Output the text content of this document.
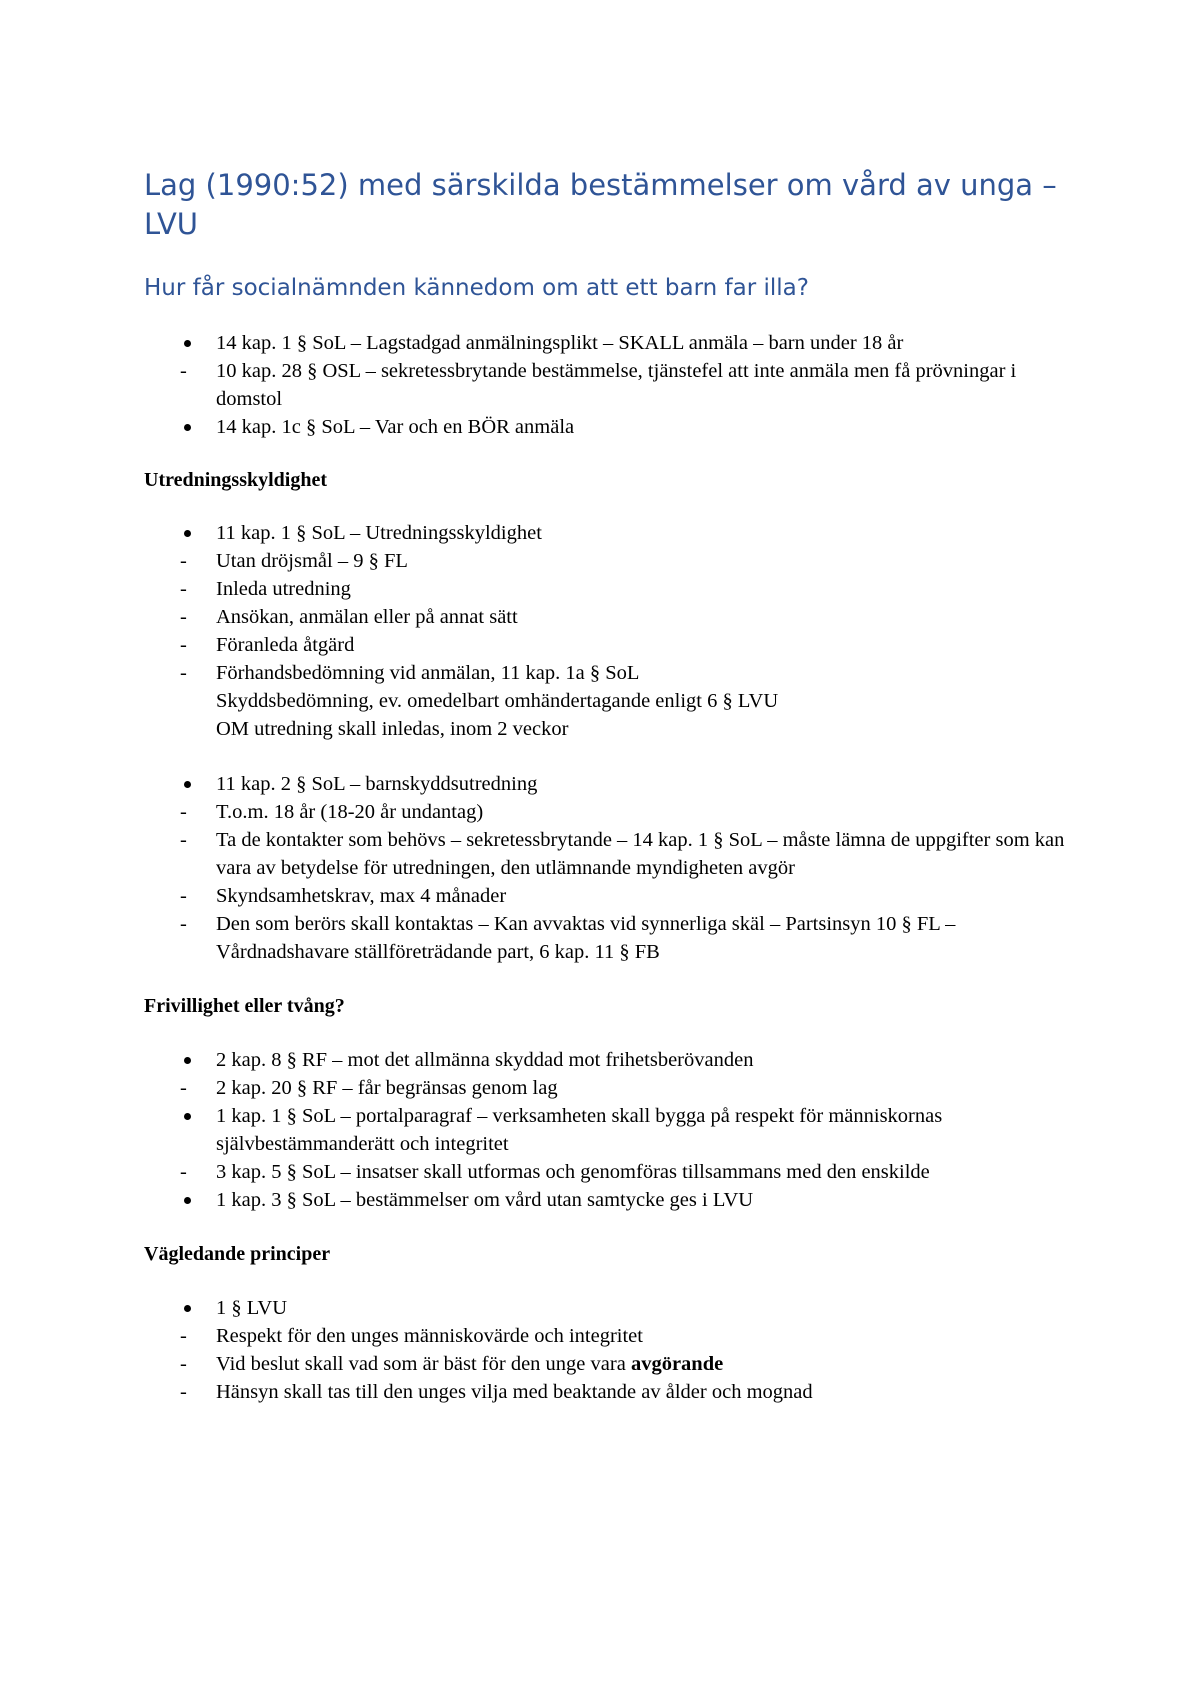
Lag (1990:52) med särskilda bestämmelser om vård av unga – LVU
Hur får socialnämnden kännedom om att ett barn far illa?
14 kap. 1 § SoL – Lagstadgad anmälningsplikt – SKALL anmäla – barn under 18 år
- 10 kap. 28 § OSL – sekretessbrytande bestämmelse, tjänstefel att inte anmäla men få prövningar i domstol
14 kap. 1c § SoL – Var och en BÖR anmäla

Utredningsskyldighet

11 kap. 1 § SoL – Utredningsskyldighet
- Utan dröjsmål – 9 § FL
- Inleda utredning
- Ansökan, anmälan eller på annat sätt
- Föranleda åtgärd
- Förhandsbedömning vid anmälan, 11 kap. 1a § SoL
Skyddsbedömning, ev. omedelbart omhändertagande enligt 6 § LVU
OM utredning skall inledas, inom 2 veckor
11 kap. 2 § SoL – barnskyddsutredning
- T.o.m. 18 år (18-20 år undantag)
- Ta de kontakter som behövs – sekretessbrytande – 14 kap. 1 § SoL – måste lämna de uppgifter som kan vara av betydelse för utredningen, den utlämnande myndigheten avgör
- Skyndsamhetskrav, max 4 månader
- Den som berörs skall kontaktas – Kan avvaktas vid synnerliga skäl – Partsinsyn 10 § FL – Vårdnadshavare ställföreträdande part, 6 kap. 11 § FB

Frivillighet eller tvång?

2 kap. 8 § RF – mot det allmänna skyddad mot frihetsberövanden
- 2 kap. 20 § RF – får begränsas genom lag
1 kap. 1 § SoL – portalparagraf – verksamheten skall bygga på respekt för människornas självbestämmanderätt och integritet
- 3 kap. 5 § SoL – insatser skall utformas och genomföras tillsammans med den enskilde
1 kap. 3 § SoL – bestämmelser om vård utan samtycke ges i LVU

Vägledande principer

1 § LVU
- Respekt för den unges människovärde och integritet
- Vid beslut skall vad som är bäst för den unge vara avgörande
- Hänsyn skall tas till den unges vilja med beaktande av ålder och mognad
